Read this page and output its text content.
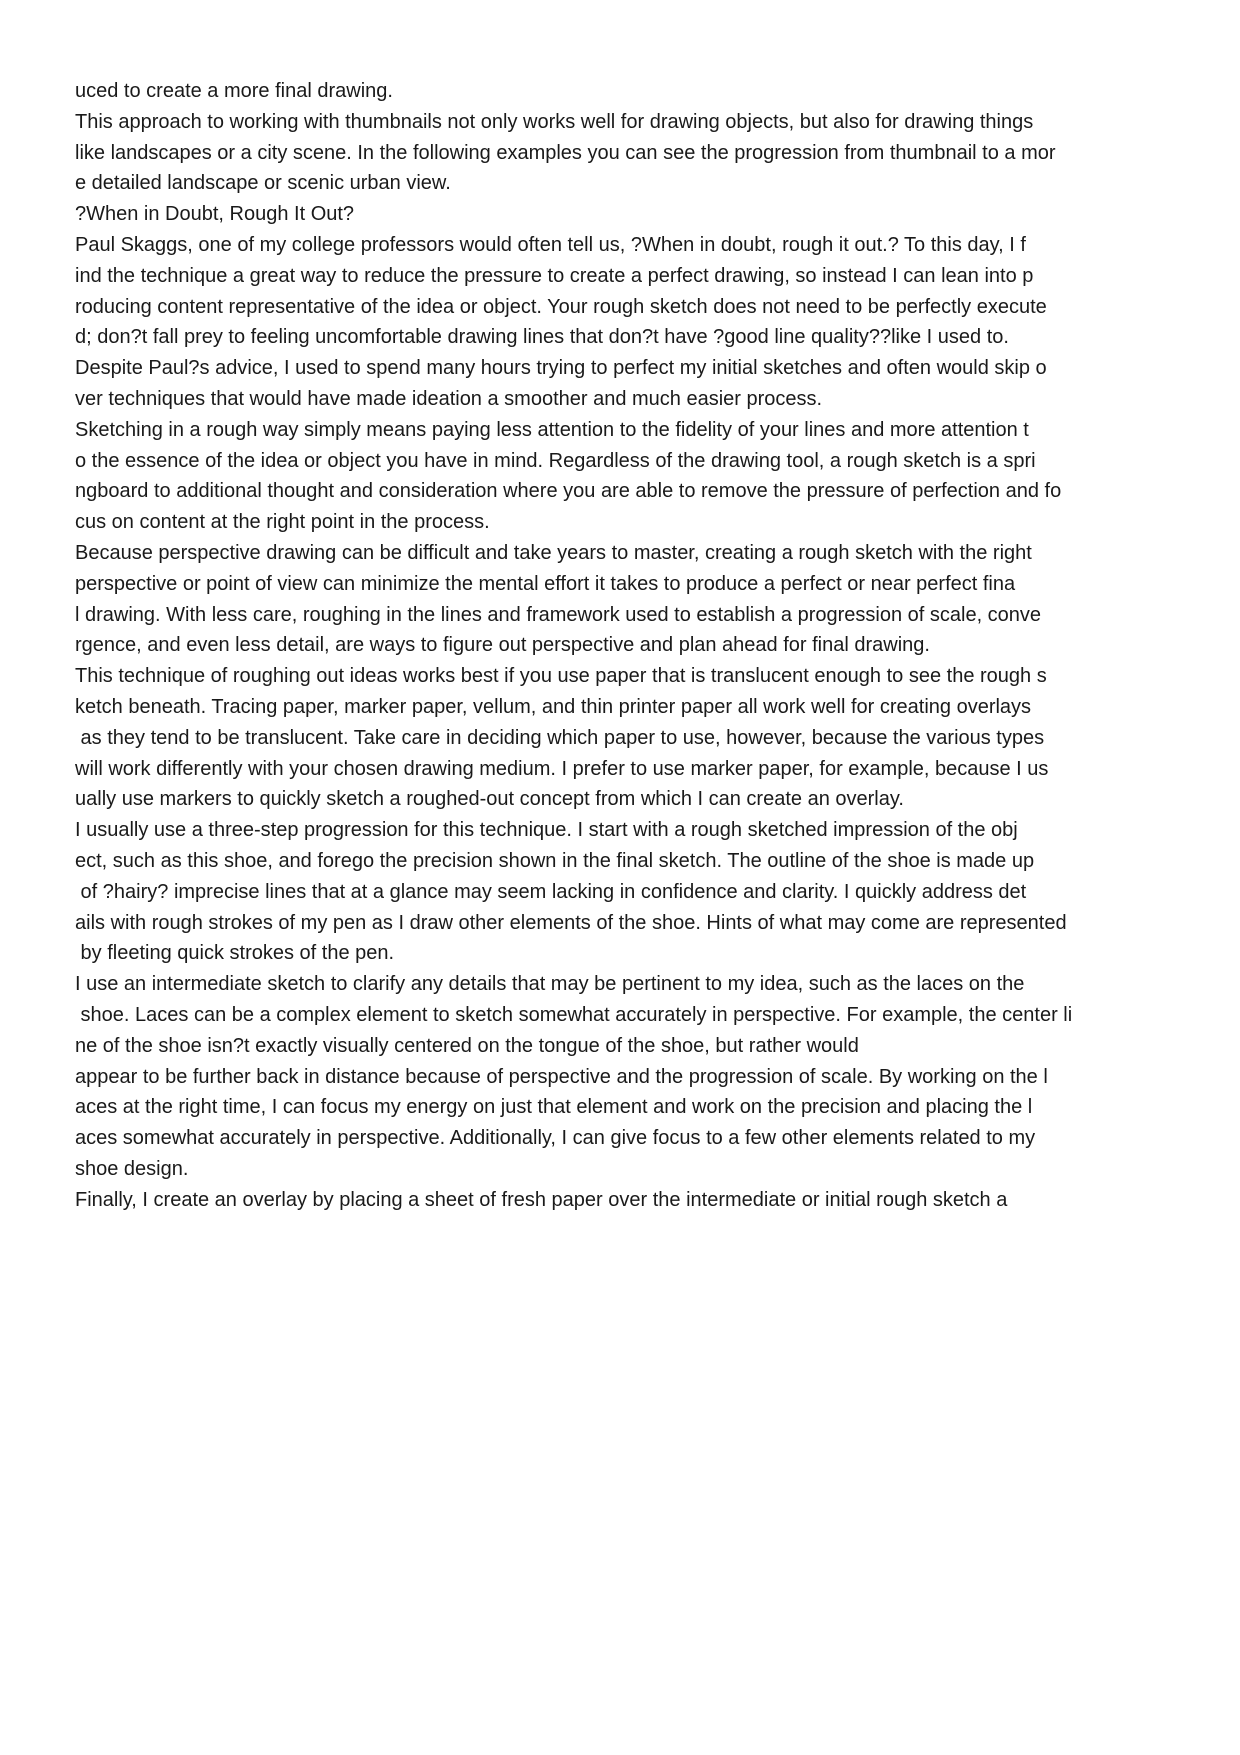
uced to create a more final drawing.

This approach to working with thumbnails not only works well for drawing objects, but also for drawing things

like landscapes or a city scene. In the following examples you can see the progression from thumbnail to a mor

e detailed landscape or scenic urban view.

?When in Doubt, Rough It Out?

Paul Skaggs, one of my college professors would often tell us, ?When in doubt, rough it out.? To this day, I f

ind the technique a great way to reduce the pressure to create a perfect drawing, so instead I can lean into p

roducing content representative of the idea or object. Your rough sketch does not need to be perfectly execute

d; don?t fall prey to feeling uncomfortable drawing lines that don?t have ?good line quality??like I used to.

Despite Paul?s advice, I used to spend many hours trying to perfect my initial sketches and often would skip o

ver techniques that would have made ideation a smoother and much easier process.

Sketching in a rough way simply means paying less attention to the fidelity of your lines and more attention t

o the essence of the idea or object you have in mind. Regardless of the drawing tool, a rough sketch is a spri

ngboard to additional thought and consideration where you are able to remove the pressure of perfection and fo

cus on content at the right point in the process.

Because perspective drawing can be difficult and take years to master, creating a rough sketch with the right

perspective or point of view can minimize the mental effort it takes to produce a perfect or near perfect fina

l drawing. With less care, roughing in the lines and framework used to establish a progression of scale, conve

rgence, and even less detail, are ways to figure out perspective and plan ahead for final drawing.

This technique of roughing out ideas works best if you use paper that is translucent enough to see the rough s

ketch beneath. Tracing paper, marker paper, vellum, and thin printer paper all work well for creating overlays

as they tend to be translucent. Take care in deciding which paper to use, however, because the various types

will work differently with your chosen drawing medium. I prefer to use marker paper, for example, because I us

ually use markers to quickly sketch a roughed-out concept from which I can create an overlay.

I usually use a three-step progression for this technique. I start with a rough sketched impression of the obj

ect, such as this shoe, and forego the precision shown in the final sketch. The outline of the shoe is made up

of ?hairy? imprecise lines that at a glance may seem lacking in confidence and clarity. I quickly address det

ails with rough strokes of my pen as I draw other elements of the shoe. Hints of what may come are represented

by fleeting quick strokes of the pen.

I use an intermediate sketch to clarify any details that may be pertinent to my idea, such as the laces on the

shoe. Laces can be a complex element to sketch somewhat accurately in perspective. For example, the center li

ne of the shoe isn?t exactly visually centered on the tongue of the shoe, but rather would

appear to be further back in distance because of perspective and the progression of scale. By working on the l

aces at the right time, I can focus my energy on just that element and work on the precision and placing the l

aces somewhat accurately in perspective. Additionally, I can give focus to a few other elements related to my

shoe design.

Finally, I create an overlay by placing a sheet of fresh paper over the intermediate or initial rough sketch a
